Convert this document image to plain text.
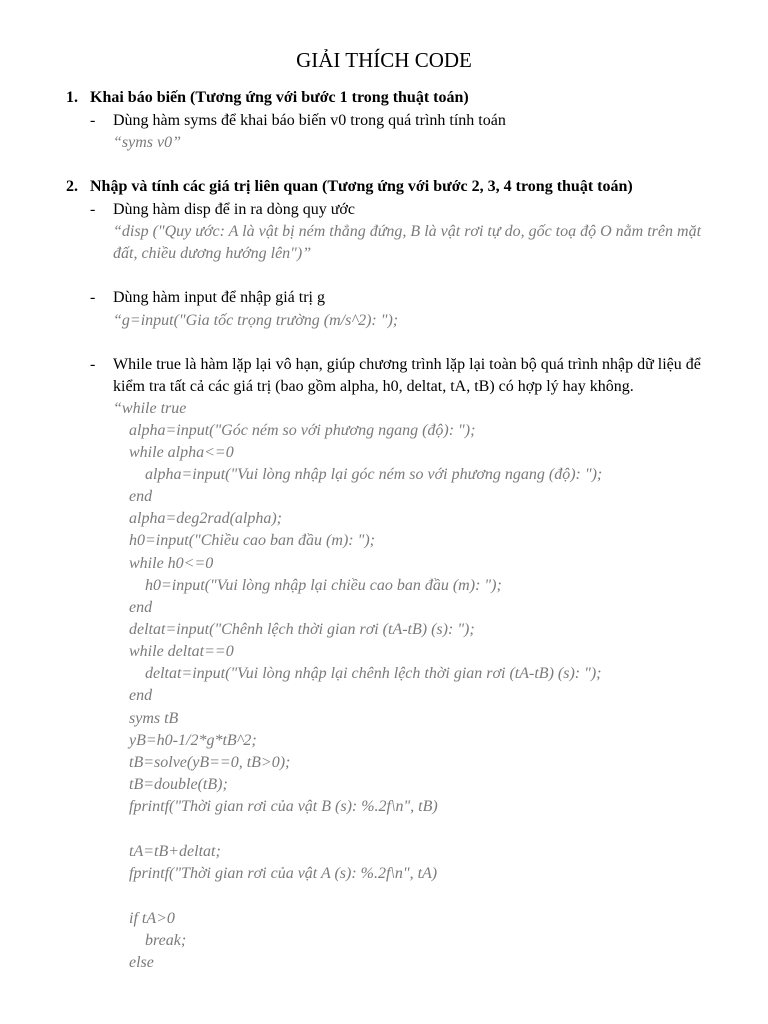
GIẢI THÍCH CODE
1. Khai báo biến (Tương ứng với bước 1 trong thuật toán)
- Dùng hàm syms để khai báo biến v0 trong quá trình tính toán
“syms v0”
2. Nhập và tính các giá trị liên quan (Tương ứng với bước 2, 3, 4 trong thuật toán)
- Dùng hàm disp để in ra dòng quy ước
“disp ("Quy ước: A là vật bị ném thẳng đứng, B là vật rơi tự do, gốc toạ độ O nằm trên mặt đất, chiều dương hướng lên")”
- Dùng hàm input để nhập giá trị g
“g=input("Gia tốc trọng trường (m/s^2): ");
- While true là hàm lặp lại vô hạn, giúp chương trình lặp lại toàn bộ quá trình nhập dữ liệu để kiểm tra tất cả các giá trị (bao gồm alpha, h0, deltat, tA, tB) có hợp lý hay không.
“while true
alpha=input("Góc ném so với phương ngang (độ): ");
while alpha<=0
alpha=input("Vui lòng nhập lại góc ném so với phương ngang (độ): ");
end
alpha=deg2rad(alpha);
h0=input("Chiều cao ban đầu (m): ");
while h0<=0
h0=input("Vui lòng nhập lại chiều cao ban đầu (m): ");
end
deltat=input("Chênh lệch thời gian rơi (tA-tB) (s): ");
while deltat==0
deltat=input("Vui lòng nhập lại chênh lệch thời gian rơi (tA-tB) (s): ");
end
syms tB
yB=h0-1/2*g*tB^2;
tB=solve(yB==0, tB>0);
tB=double(tB);
fprintf("Thời gian rơi của vật B (s): %.2f\n", tB)
tA=tB+deltat;
fprintf("Thời gian rơi của vật A (s): %.2f\n", tA)
if tA>0
break;
else
